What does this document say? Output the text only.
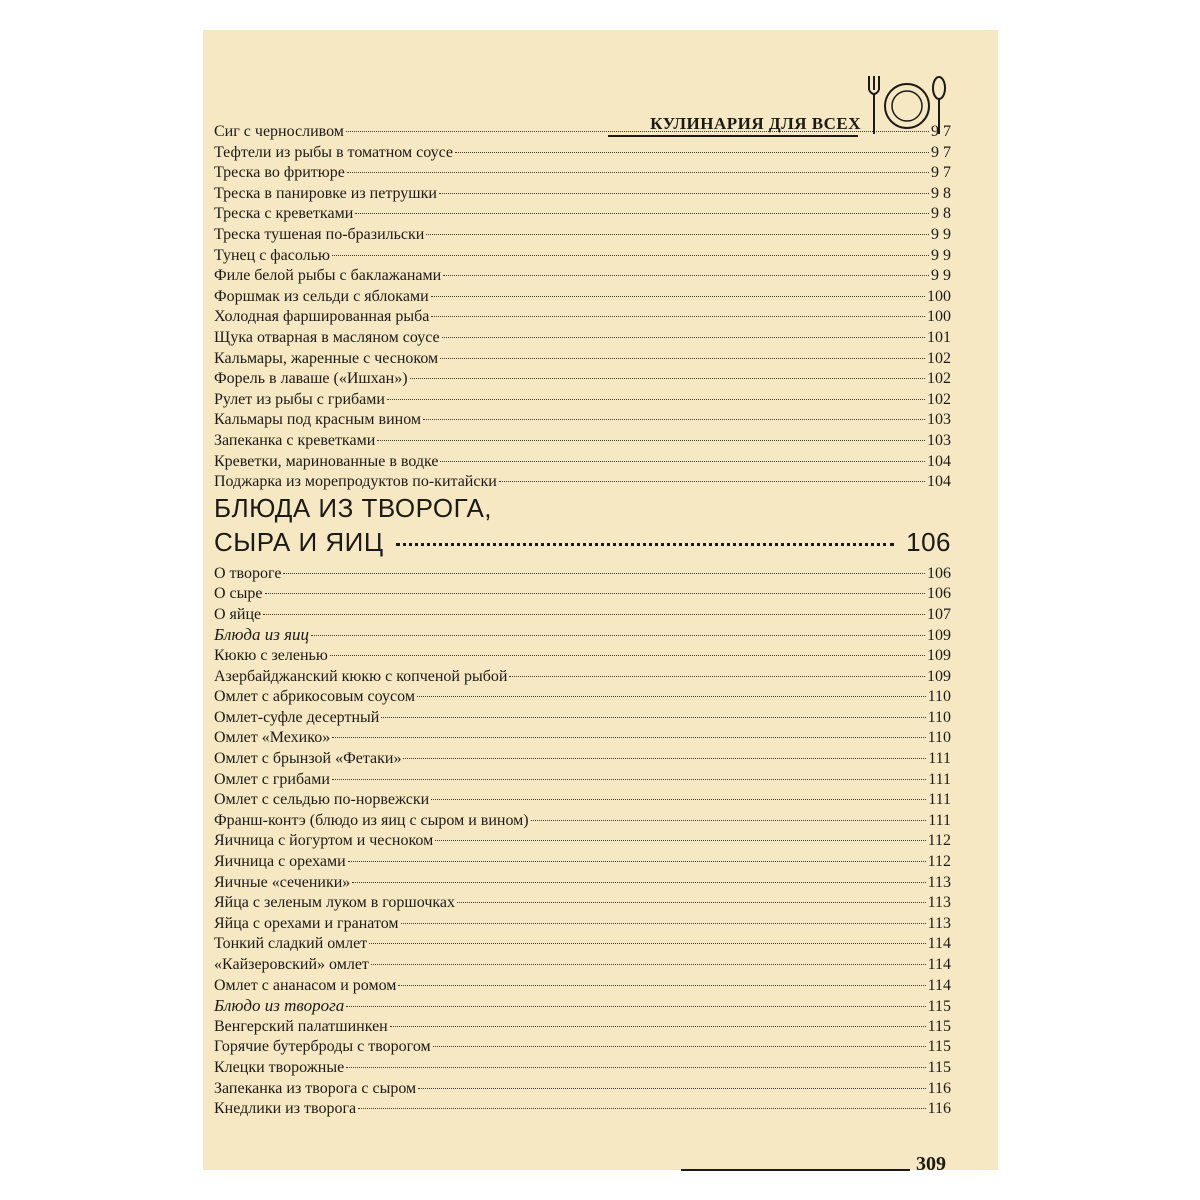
КУЛИНАРИЯ ДЛЯ ВСЕХ
Сиг с черносливом	97
Тефтели из рыбы в томатном соусе	97
Треска во фритюре	97
Треска в панировке из петрушки	98
Треска с креветками	98
Треска тушеная по-бразильски	99
Тунец с фасолью	99
Филе белой рыбы с баклажанами	99
Форшмак из сельди с яблоками	100
Холодная фаршированная рыба	100
Щука отварная в масляном соусе	101
Кальмары, жаренные с чесноком	102
Форель в лаваше («Ишхан»)	102
Рулет из рыбы с грибами	102
Кальмары под красным вином	103
Запеканка с креветками	103
Креветки, маринованные в водке	104
Поджарка из морепродуктов по-китайски	104
БЛЮДА ИЗ ТВОРОГА,
СЫРА И ЯИЦ	106
О твороге	106
О сыре	106
О яйце	107
Блюда из яиц	109
Кюкю с зеленью	109
Азербайджанский кюкю с копченой рыбой	109
Омлет с абрикосовым соусом	110
Омлет-суфле десертный	110
Омлет «Мехико»	110
Омлет с брынзой «Фетаки»	111
Омлет с грибами	111
Омлет с сельдью по-норвежски	111
Франш-контэ (блюдо из яиц с сыром и вином)	111
Яичница с йогуртом и чесноком	112
Яичница с орехами	112
Яичные «сеченики»	113
Яйца с зеленым луком в горшочках	113
Яйца с орехами и гранатом	113
Тонкий сладкий омлет	114
«Кайзеровский» омлет	114
Омлет с ананасом и ромом	114
Блюдо из творога	115
Венгерский палатшинкен	115
Горячие бутерброды с творогом	115
Клецки творожные	115
Запеканка из творога с сыром	116
Кнедлики из творога	116
309
